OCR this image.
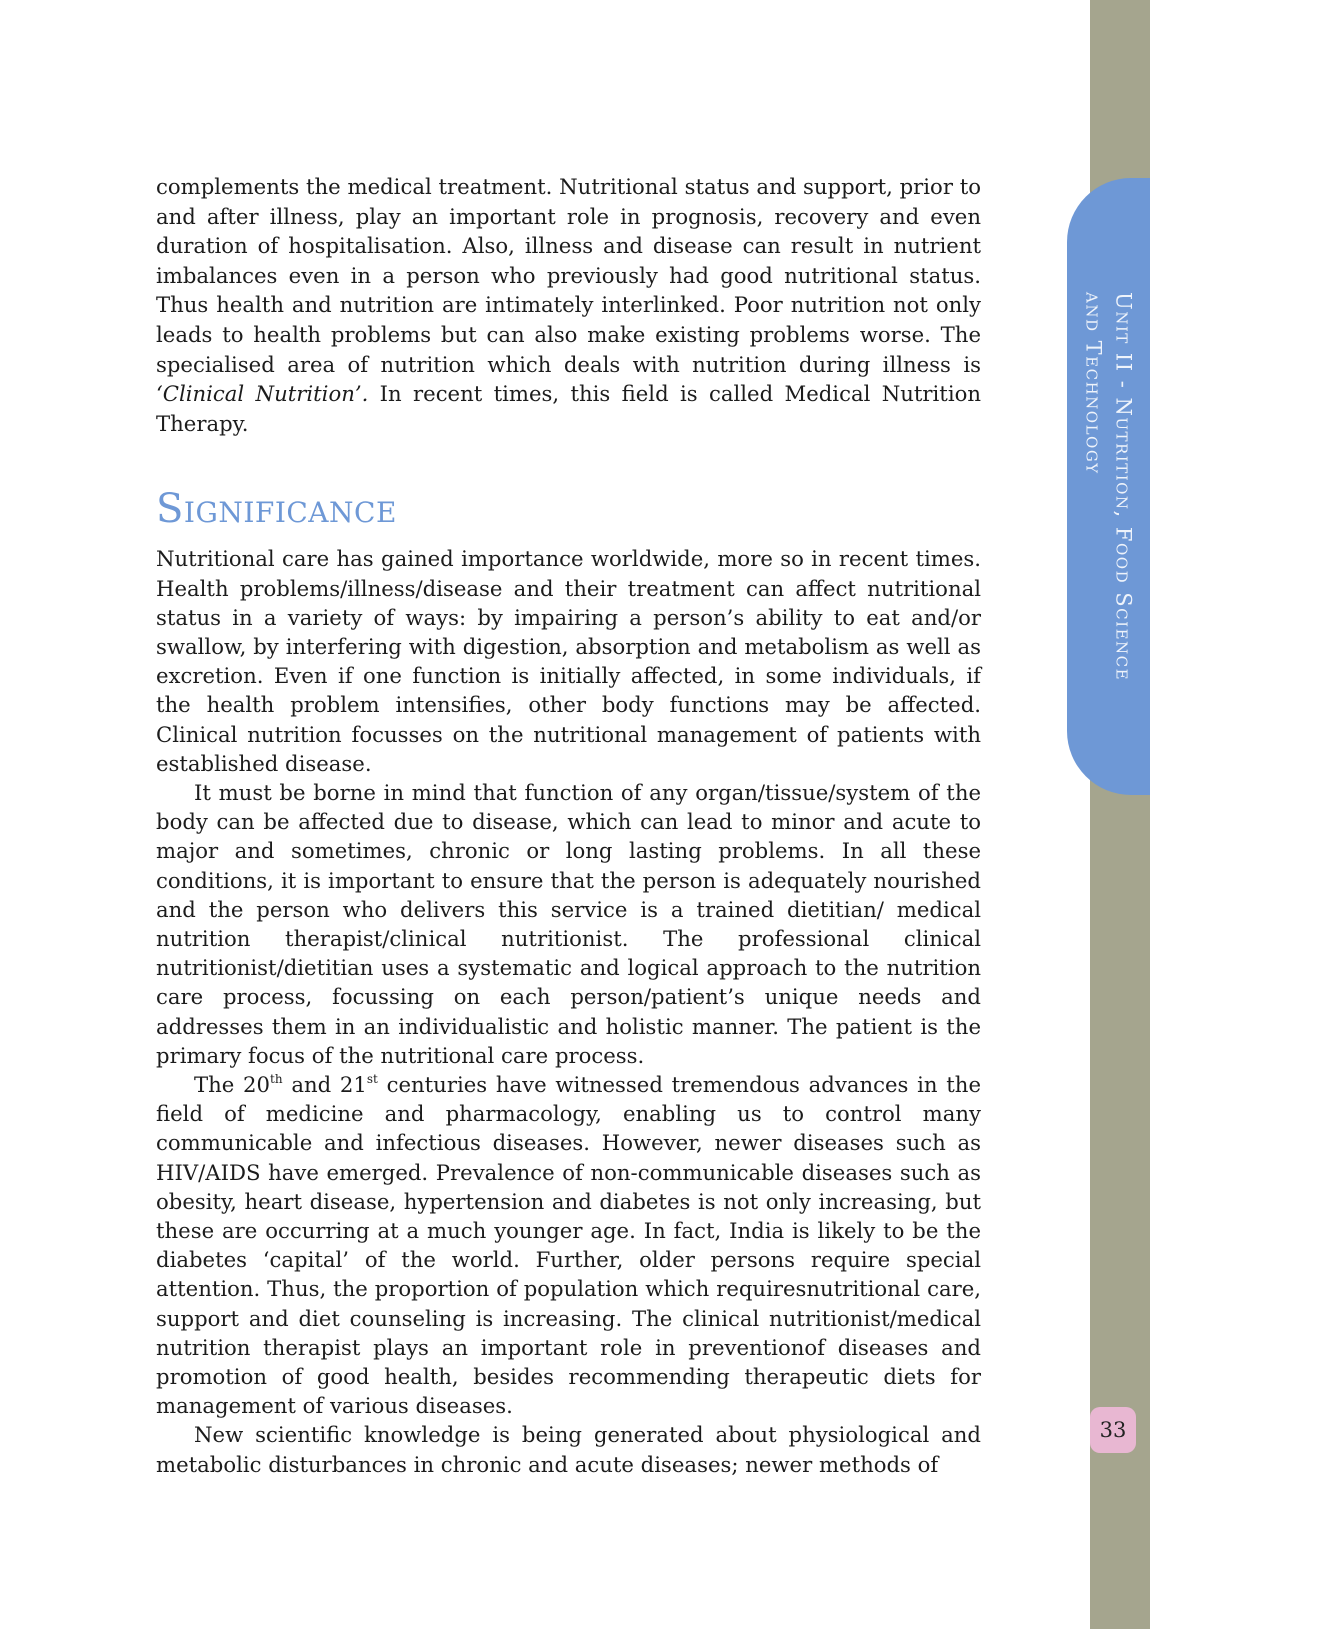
Unit II - Nutrition, Food Science
and Technology
33

complements the medical treatment. Nutritional status and support, prior to and after illness, play an important role in prognosis, recovery and even duration of hospitalisation. Also, illness and disease can result in nutrient imbalances even in a person who previously had good nutritional status. Thus health and nutrition are intimately interlinked. Poor nutrition not only leads to health problems but can also make existing problems worse. The specialised area of nutrition which deals with nutrition during illness is ‘Clinical Nutrition’. In recent times, this field is called Medical Nutrition Therapy.

Significance

Nutritional care has gained importance worldwide, more so in recent times. Health problems/illness/disease and their treatment can affect nutritional status in a variety of ways: by impairing a person’s ability to eat and/or swallow, by interfering with digestion, absorption and metabolism as well as excretion. Even if one function is initially affected, in some individuals, if the health problem intensifies, other body functions may be affected. Clinical nutrition focusses on the nutritional management of patients with established disease.

It must be borne in mind that function of any organ/tissue/system of the body can be affected due to disease, which can lead to minor and acute to major and sometimes, chronic or long lasting problems. In all these conditions, it is important to ensure that the person is adequately nourished and the person who delivers this service is a trained dietitian/ medical nutrition therapist/clinical nutritionist. The professional clinical nutritionist/dietitian uses a systematic and logical approach to the nutrition care process, focussing on each person/patient’s unique needs and addresses them in an individualistic and holistic manner. The patient is the primary focus of the nutritional care process.

The 20th and 21st centuries have witnessed tremendous advances in the field of medicine and pharmacology, enabling us to control many communicable and infectious diseases. However, newer diseases such as HIV/AIDS have emerged. Prevalence of non-communicable diseases such as obesity, heart disease, hypertension and diabetes is not only increasing, but these are occurring at a much younger age. In fact, India is likely to be the diabetes ‘capital’ of the world. Further, older persons require special attention. Thus, the proportion of population which requiresnutritional care, support and diet counseling is increasing. The clinical nutritionist/medical nutrition therapist plays an important role in preventionof diseases and promotion of good health, besides recommending therapeutic diets for management of various diseases.

New scientific knowledge is being generated about physiological and metabolic disturbances in chronic and acute diseases; newer methods of
